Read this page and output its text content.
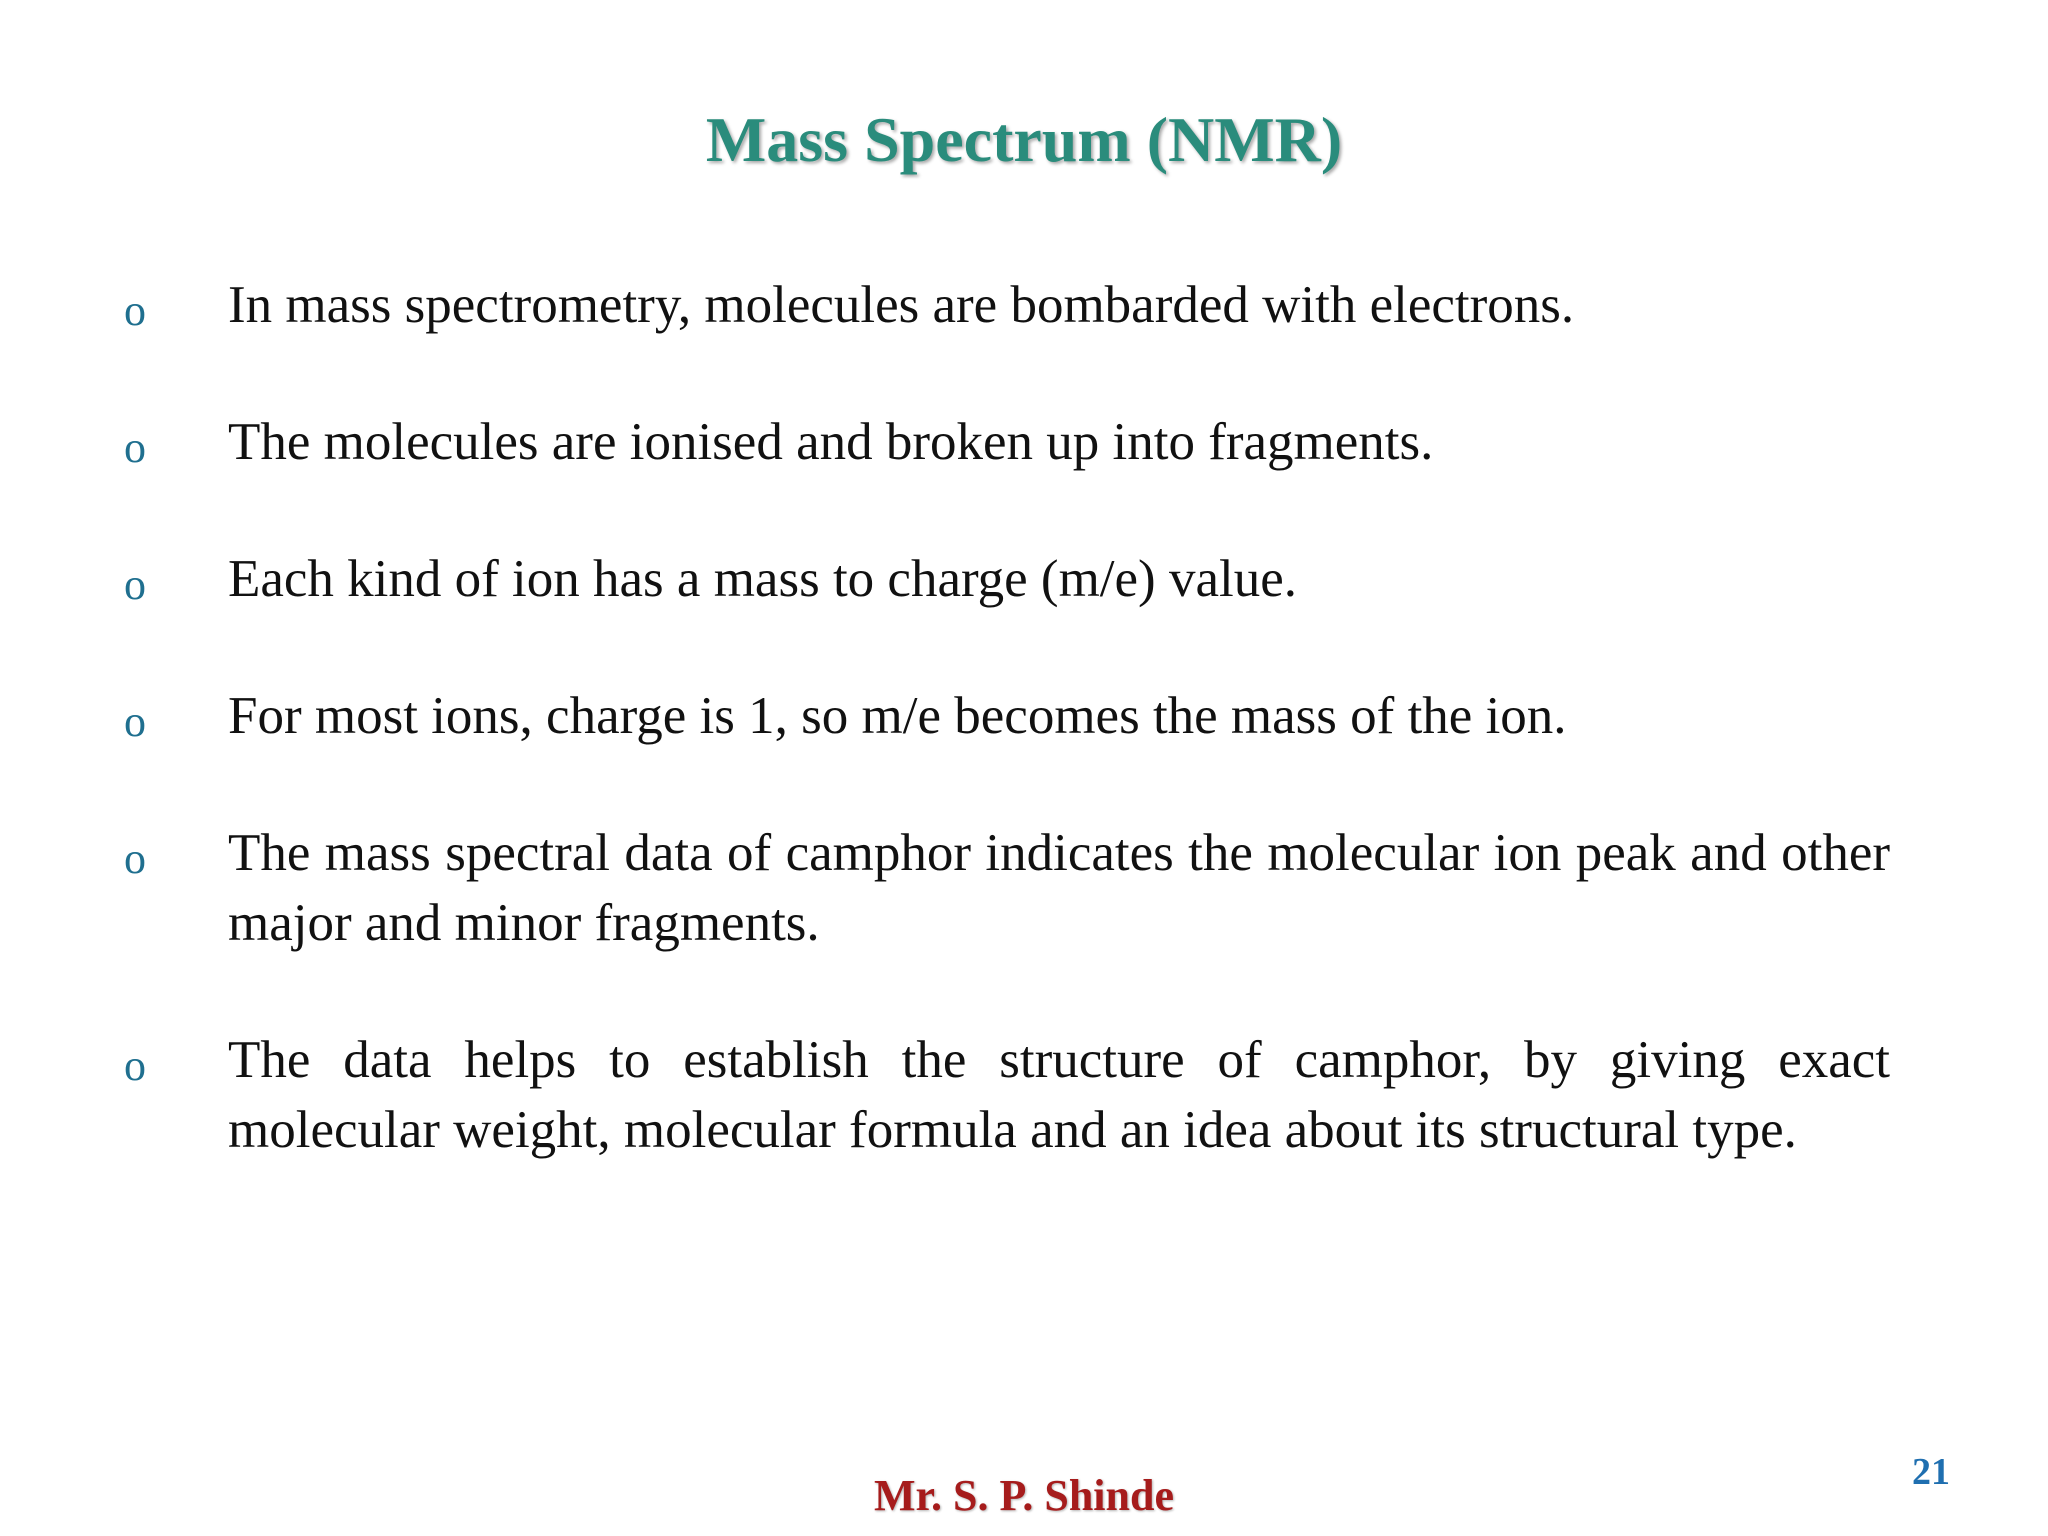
Mass Spectrum (NMR)
o In mass spectrometry, molecules are bombarded with electrons.
o The molecules are ionised and broken up into fragments.
o Each kind of ion has a mass to charge (m/e) value.
o For most ions, charge is 1, so m/e becomes the mass of the ion.
o The mass spectral data of camphor indicates the molecular ion peak and other major and minor fragments.
o The data helps to establish the structure of camphor, by giving exact molecular weight, molecular formula and an idea about its structural type.
Mr. S. P. Shinde	21
